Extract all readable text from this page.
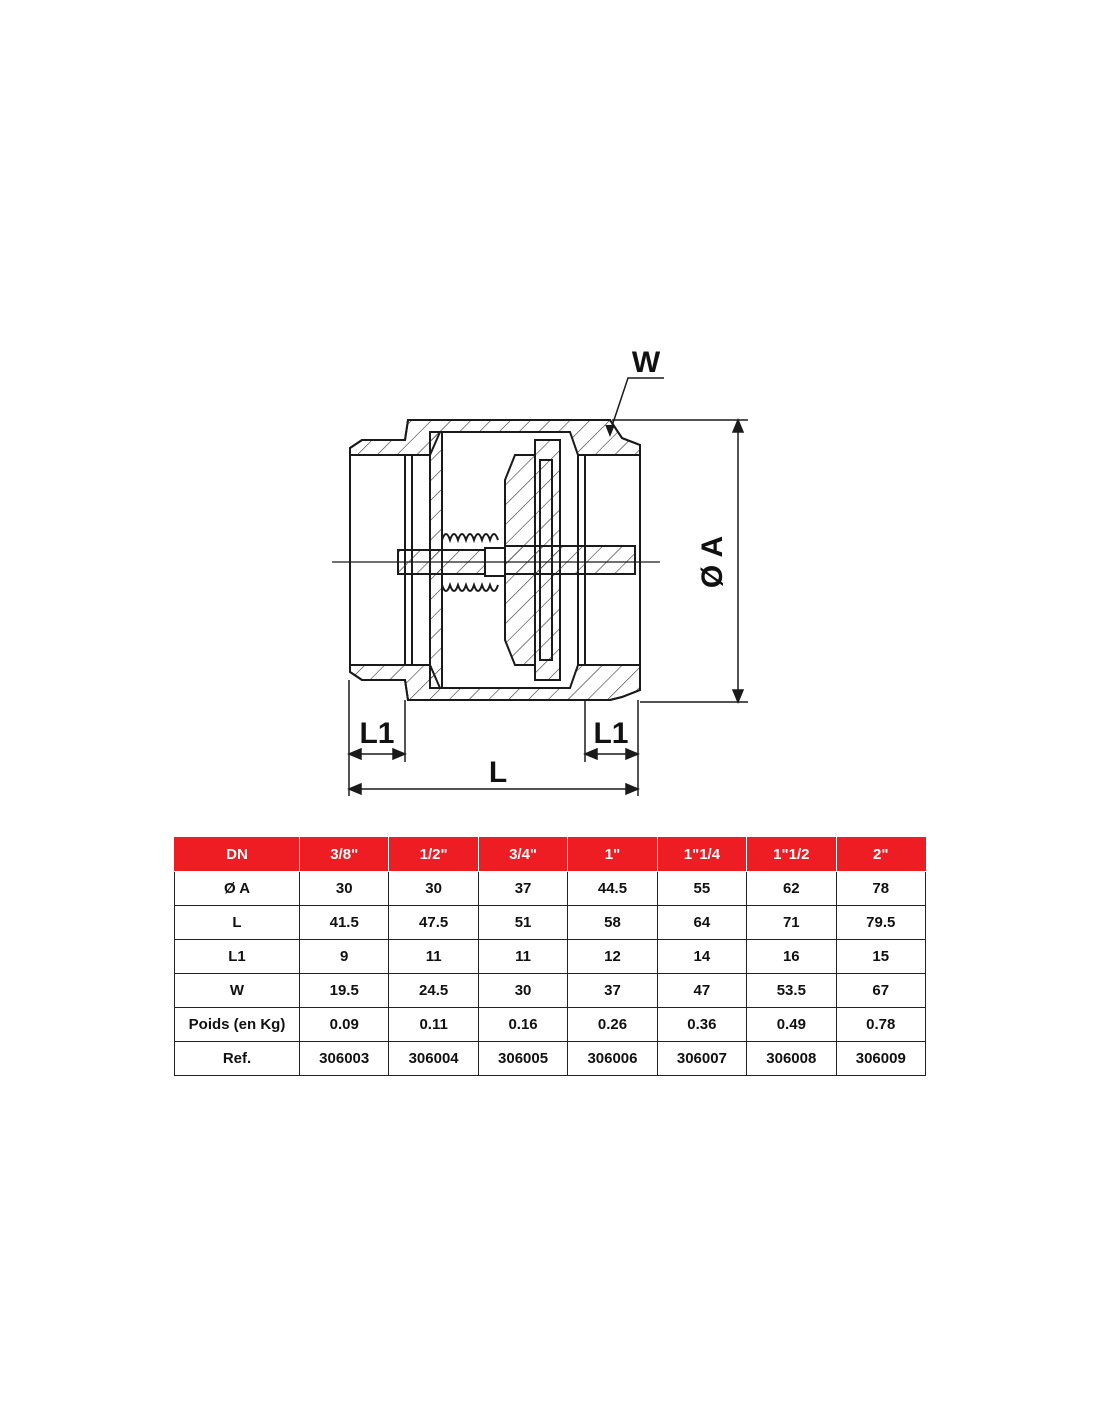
W
Ø A
L1	L1
L
DN	3/8"	1/2"	3/4"	1"	1"1/4	1"1/2	2"
Ø A	30	30	37	44.5	55	62	78
L	41.5	47.5	51	58	64	71	79.5
L1	9	11	11	12	14	16	15
W	19.5	24.5	30	37	47	53.5	67
Poids (en Kg)	0.09	0.11	0.16	0.26	0.36	0.49	0.78
Ref.	306003	306004	306005	306006	306007	306008	306009
